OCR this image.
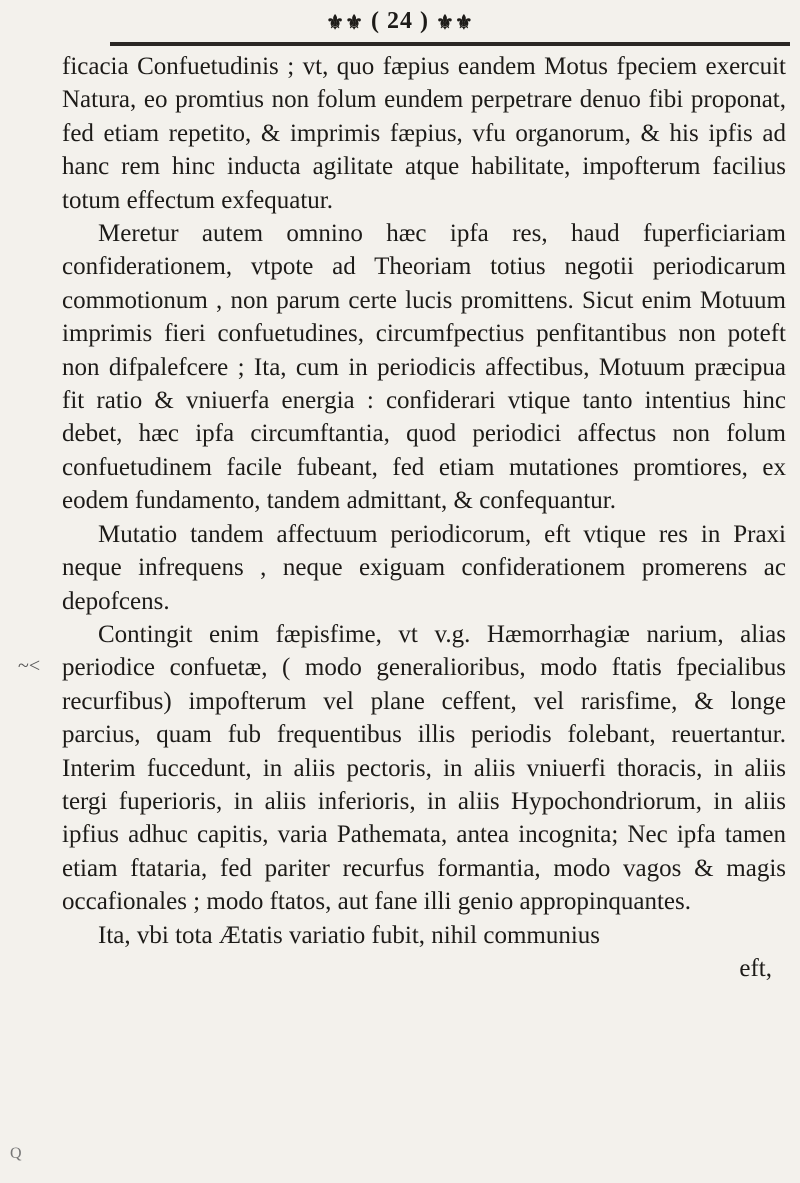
⚜⚜ ( 24 ) ⚜⚜
~<

ficacia Confuetudinis ; vt, quo fæpius eandem Motus fpeciem exercuit Natura, eo promtius non folum eundem perpetrare denuo fibi proponat, fed etiam repetito, & imprimis fæpius, vfu organorum, & his ipfis ad hanc rem hinc inducta agilitate atque habilitate, impofterum facilius totum effectum exfequatur.

Meretur autem omnino hæc ipfa res, haud fuperficiariam confiderationem, vtpote ad Theoriam totius negotii periodicarum commotionum , non parum certe lucis promittens. Sicut enim Motuum imprimis fieri confuetudines, circumfpectius penfitantibus non poteft non difpalefcere ; Ita, cum in periodicis affectibus, Motuum præcipua fit ratio & vniuerfa energia : confiderari vtique tanto intentius hinc debet, hæc ipfa circumftantia, quod periodici affectus non folum confuetudinem facile fubeant, fed etiam mutationes promtiores, ex eodem fundamento, tandem admittant, & confequantur.

Mutatio tandem affectuum periodicorum, eft vtique res in Praxi neque infrequens , neque exiguam confiderationem promerens ac depofcens.

Contingit enim fæpisfime, vt v.g. Hæmorrhagiæ narium, alias periodice confuetæ, ( modo generalioribus, modo ftatis fpecialibus recurfibus) impofterum vel plane ceffent, vel rarisfime, & longe parcius, quam fub frequentibus illis periodis folebant, reuertantur. Interim fuccedunt, in aliis pectoris, in aliis vniuerfi thoracis, in aliis tergi fuperioris, in aliis inferioris, in aliis Hypochondriorum, in aliis ipfius adhuc capitis, varia Pathemata, antea incognita; Nec ipfa tamen etiam ftataria, fed pariter recurfus formantia, modo vagos & magis occafionales ; modo ftatos, aut fane illi genio appropinquantes.

Ita, vbi tota Ætatis variatio fubit, nihil communius

eft,

Q
